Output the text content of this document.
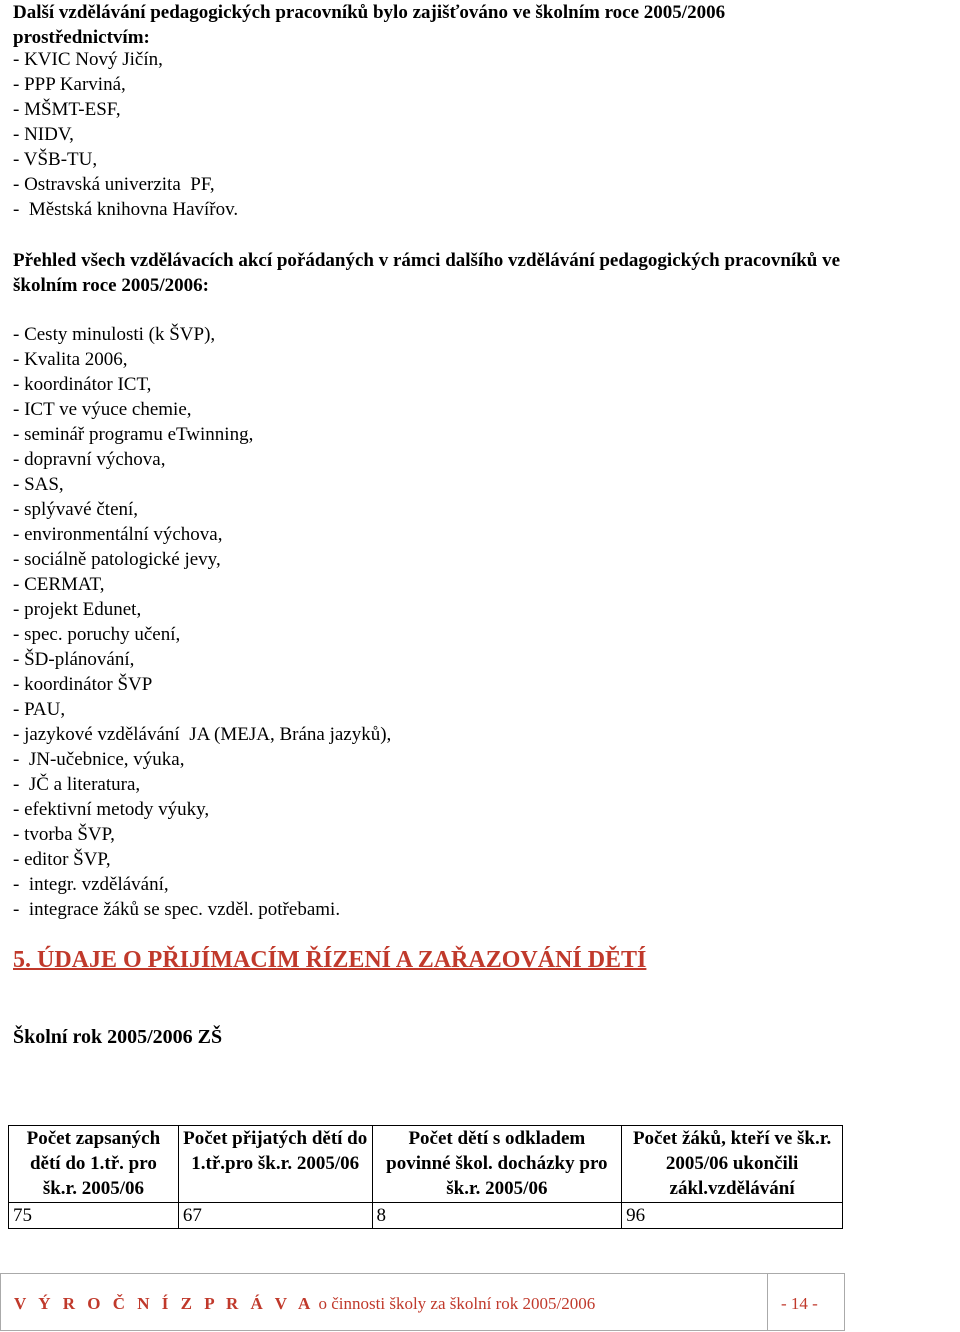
Další vzdělávání pedagogických pracovníků bylo zajišťováno ve školním roce 2005/2006
prostřednictvím:
- KVIC Nový Jičín,
- PPP Karviná,
- MŠMT-ESF,
- NIDV,
- VŠB-TU,
- Ostravská univerzita  PF,
-  Městská knihovna Havířov.
Přehled všech vzdělávacích akcí pořádaných v rámci dalšího vzdělávání pedagogických pracovníků ve
školním roce 2005/2006:
- Cesty minulosti (k ŠVP),
- Kvalita 2006,
- koordinátor ICT,
- ICT ve výuce chemie,
- seminář programu eTwinning,
- dopravní výchova,
- SAS,
- splývavé čtení,
- environmentální výchova,
- sociálně patologické jevy,
- CERMAT,
- projekt Edunet,
- spec. poruchy učení,
- ŠD-plánování,
- koordinátor ŠVP
- PAU,
- jazykové vzdělávání  JA (MEJA, Brána jazyků),
-  JN-učebnice, výuka,
-  JČ a literatura,
- efektivní metody výuky,
- tvorba ŠVP,
- editor ŠVP,
-  integr. vzdělávání,
-  integrace žáků se spec. vzděl. potřebami.
5. ÚDAJE O PŘIJÍMACÍM ŘÍZENÍ A ZAŘAZOVÁNÍ DĚTÍ
Školní rok 2005/2006 ZŠ
Počet zapsaných dětí do 1.tř. pro šk.r. 2005/06	Počet přijatých dětí do 1.tř.pro šk.r. 2005/06	Počet dětí s odkladem povinné škol. docházky pro šk.r. 2005/06	Počet žáků, kteří ve šk.r. 2005/06 ukončili zákl.vzdělávání
75	67	8	96
V Ý R O Č N Í Z P R Á V A o činnosti školy za školní rok 2005/2006	- 14 -
